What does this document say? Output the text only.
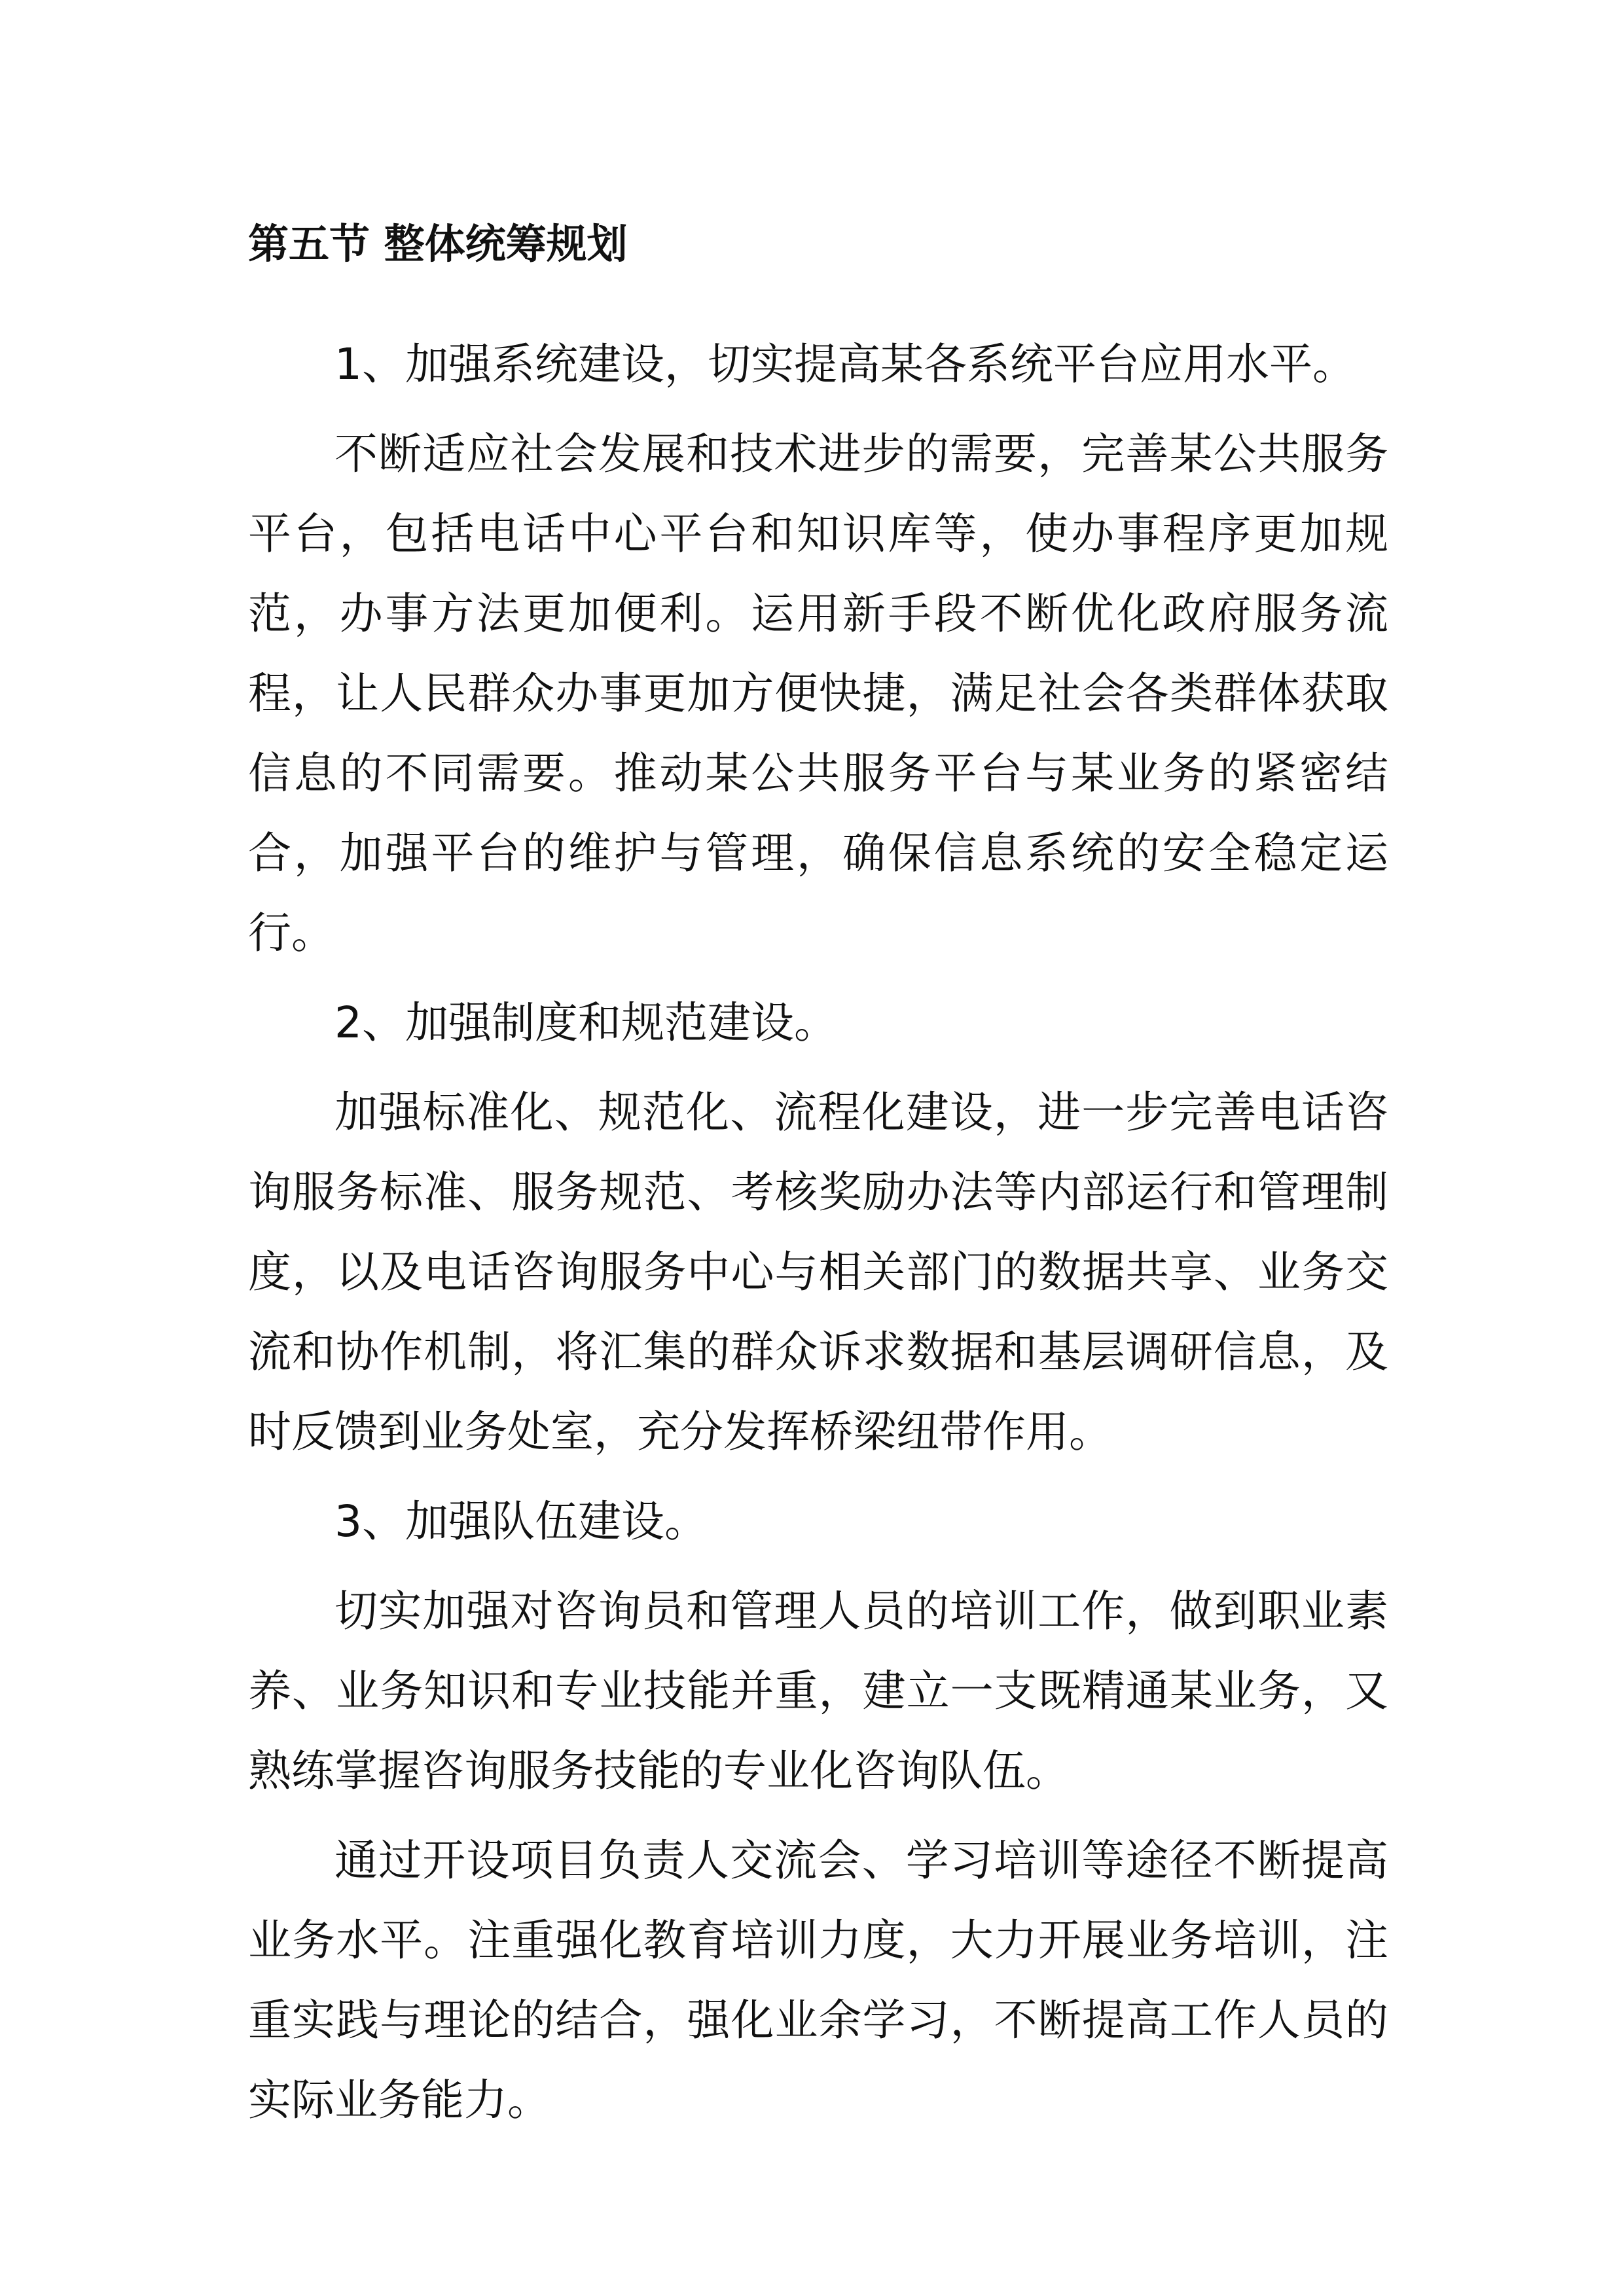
第五节 整体统筹规划

1、加强系统建设，切实提高某各系统平台应用水平。

不断适应社会发展和技术进步的需要，完善某公共服务平台，包括电话中心平台和知识库等，使办事程序更加规范，办事方法更加便利。运用新手段不断优化政府服务流程，让人民群众办事更加方便快捷，满足社会各类群体获取信息的不同需要。推动某公共服务平台与某业务的紧密结合，加强平台的维护与管理，确保信息系统的安全稳定运行。

2、加强制度和规范建设。

加强标准化、规范化、流程化建设，进一步完善电话咨询服务标准、服务规范、考核奖励办法等内部运行和管理制度，以及电话咨询服务中心与相关部门的数据共享、业务交流和协作机制，将汇集的群众诉求数据和基层调研信息，及时反馈到业务处室，充分发挥桥梁纽带作用。

3、加强队伍建设。

切实加强对咨询员和管理人员的培训工作，做到职业素养、业务知识和专业技能并重，建立一支既精通某业务，又熟练掌握咨询服务技能的专业化咨询队伍。

通过开设项目负责人交流会、学习培训等途径不断提高业务水平。注重强化教育培训力度，大力开展业务培训，注重实践与理论的结合，强化业余学习，不断提高工作人员的实际业务能力。
